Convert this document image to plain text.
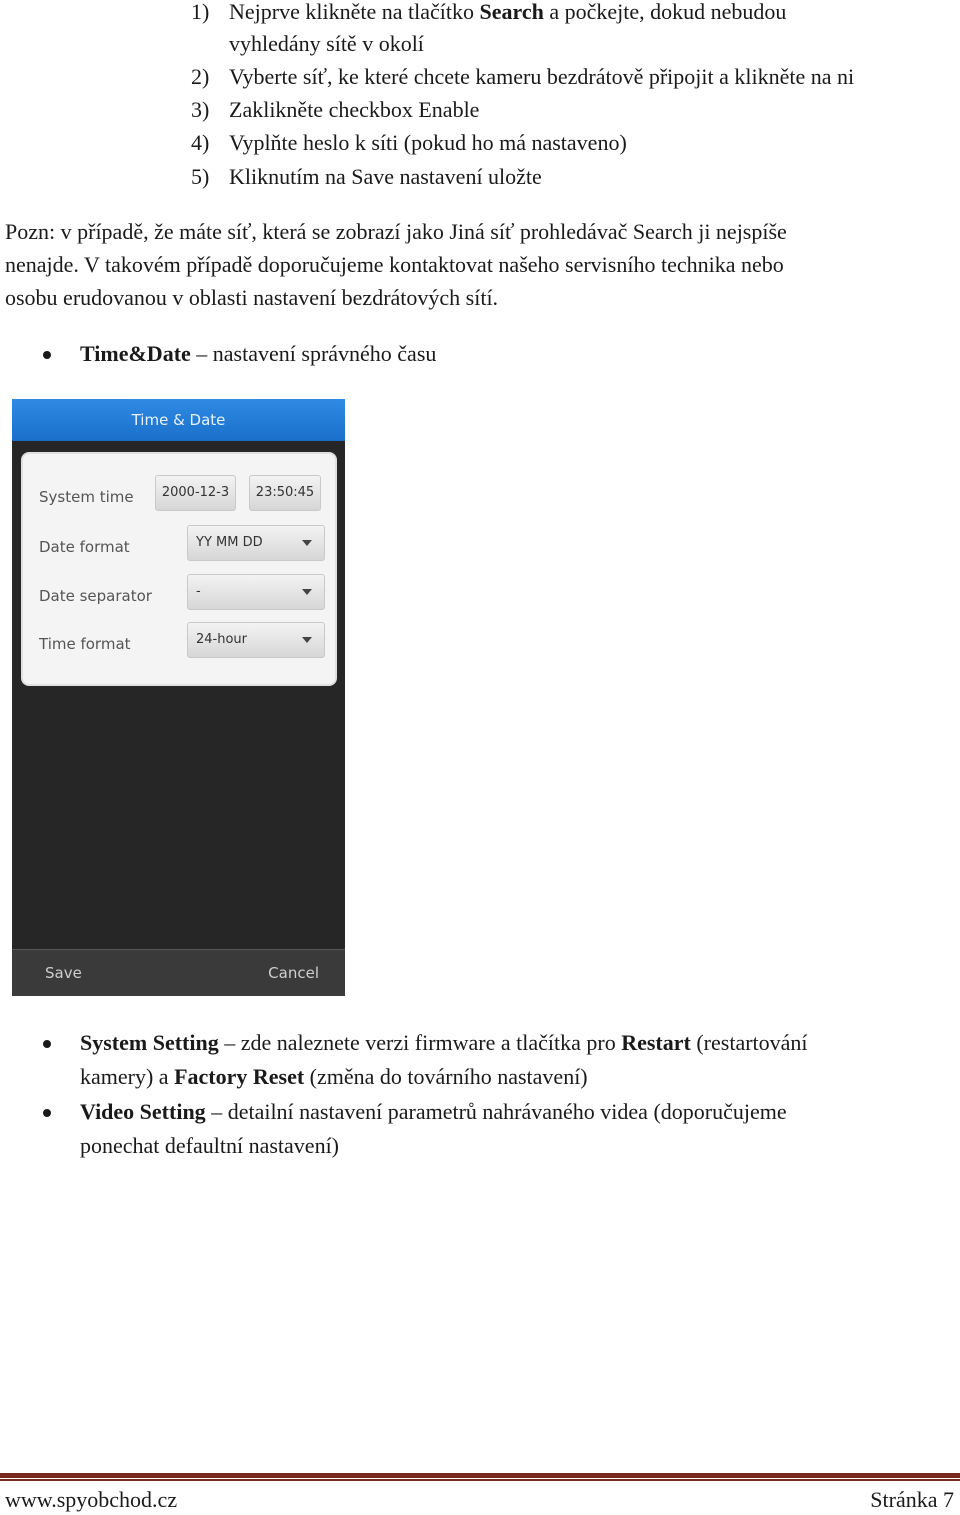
1) Nejprve klikněte na tlačítko Search a počkejte, dokud nebudou
vyhledány sítě v okolí
2) Vyberte síť, ke které chcete kameru bezdrátově připojit a klikněte na ni
3) Zaklikněte checkbox Enable
4) Vyplňte heslo k síti (pokud ho má nastaveno)
5) Kliknutím na Save nastavení uložte
Pozn: v případě, že máte síť, která se zobrazí jako Jiná síť prohledávač Search ji nejspíše
nenajde. V takovém případě doporučujeme kontaktovat našeho servisního technika nebo
osobu erudovanou v oblasti nastavení bezdrátových sítí.
Time&Date – nastavení správného času
Time & Date
System time	2000-12-3	23:50:45
Date format	YY MM DD
Date separator	-
Time format	24-hour
Save	Cancel
System Setting – zde naleznete verzi firmware a tlačítka pro Restart (restartování
kamery) a Factory Reset (změna do továrního nastavení)
Video Setting – detailní nastavení parametrů nahrávaného videa (doporučujeme
ponechat defaultní nastavení)
www.spyobchod.cz	Stránka 7
